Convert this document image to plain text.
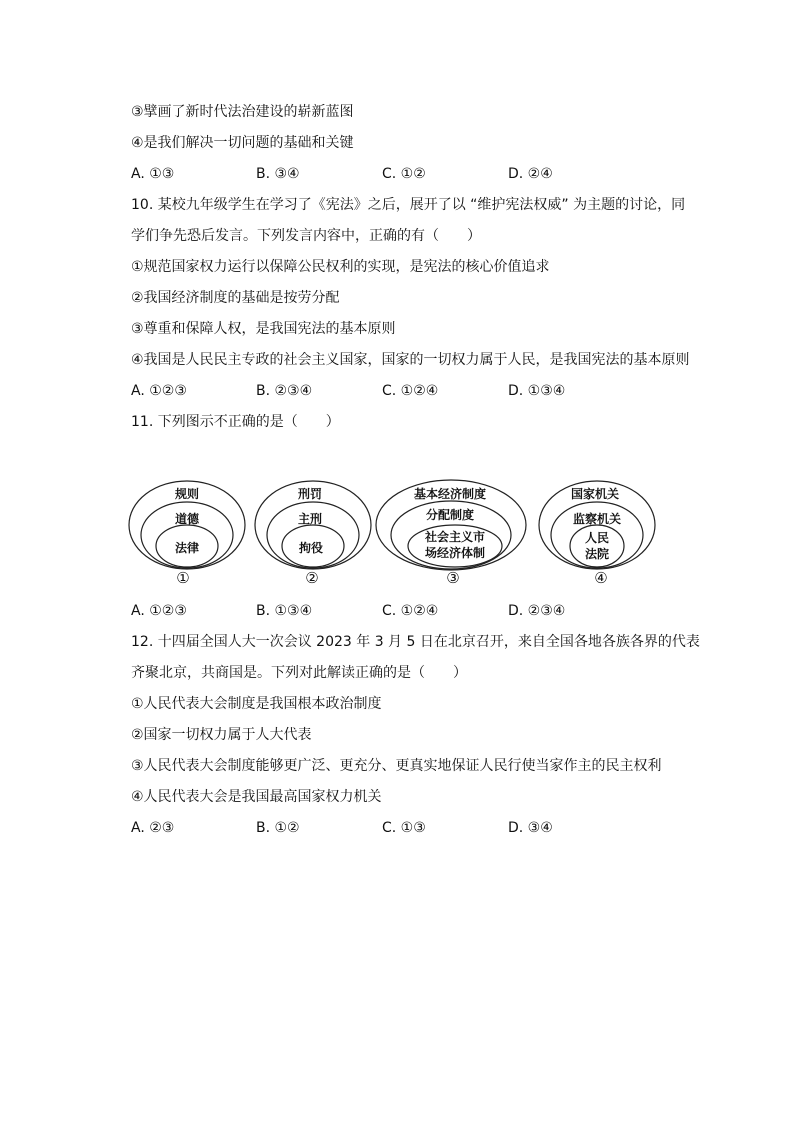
③擘画了新时代法治建设的崭新蓝图
④是我们解决一切问题的基础和关键
A. ①③	B. ③④	C. ①②	D. ②④
10. 某校九年级学生在学习了《宪法》之后，展开了以 “维护宪法权威” 为主题的讨论，同
学们争先恐后发言。下列发言内容中，正确的有（　　）
①规范国家权力运行以保障公民权利的实现，是宪法的核心价值追求
②我国经济制度的基础是按劳分配
③尊重和保障人权，是我国宪法的基本原则
④我国是人民民主专政的社会主义国家，国家的一切权力属于人民，是我国宪法的基本原则
A. ①②③	B. ②③④	C. ①②④	D. ①③④
11. 下列图示不正确的是（　　）
规则
道德
法律
①
刑罚
主刑
拘役
②
基本经济制度
分配制度
社会主义市
场经济体制
③
国家机关
监察机关
人民
法院
④
A. ①②③	B. ①③④	C. ①②④	D. ②③④
12. 十四届全国人大一次会议 2023 年 3 月 5 日在北京召开，来自全国各地各族各界的代表
齐聚北京，共商国是。下列对此解读正确的是（　　）
①人民代表大会制度是我国根本政治制度
②国家一切权力属于人大代表
③人民代表大会制度能够更广泛、更充分、更真实地保证人民行使当家作主的民主权利
④人民代表大会是我国最高国家权力机关
A. ②③	B. ①②	C. ①③	D. ③④
